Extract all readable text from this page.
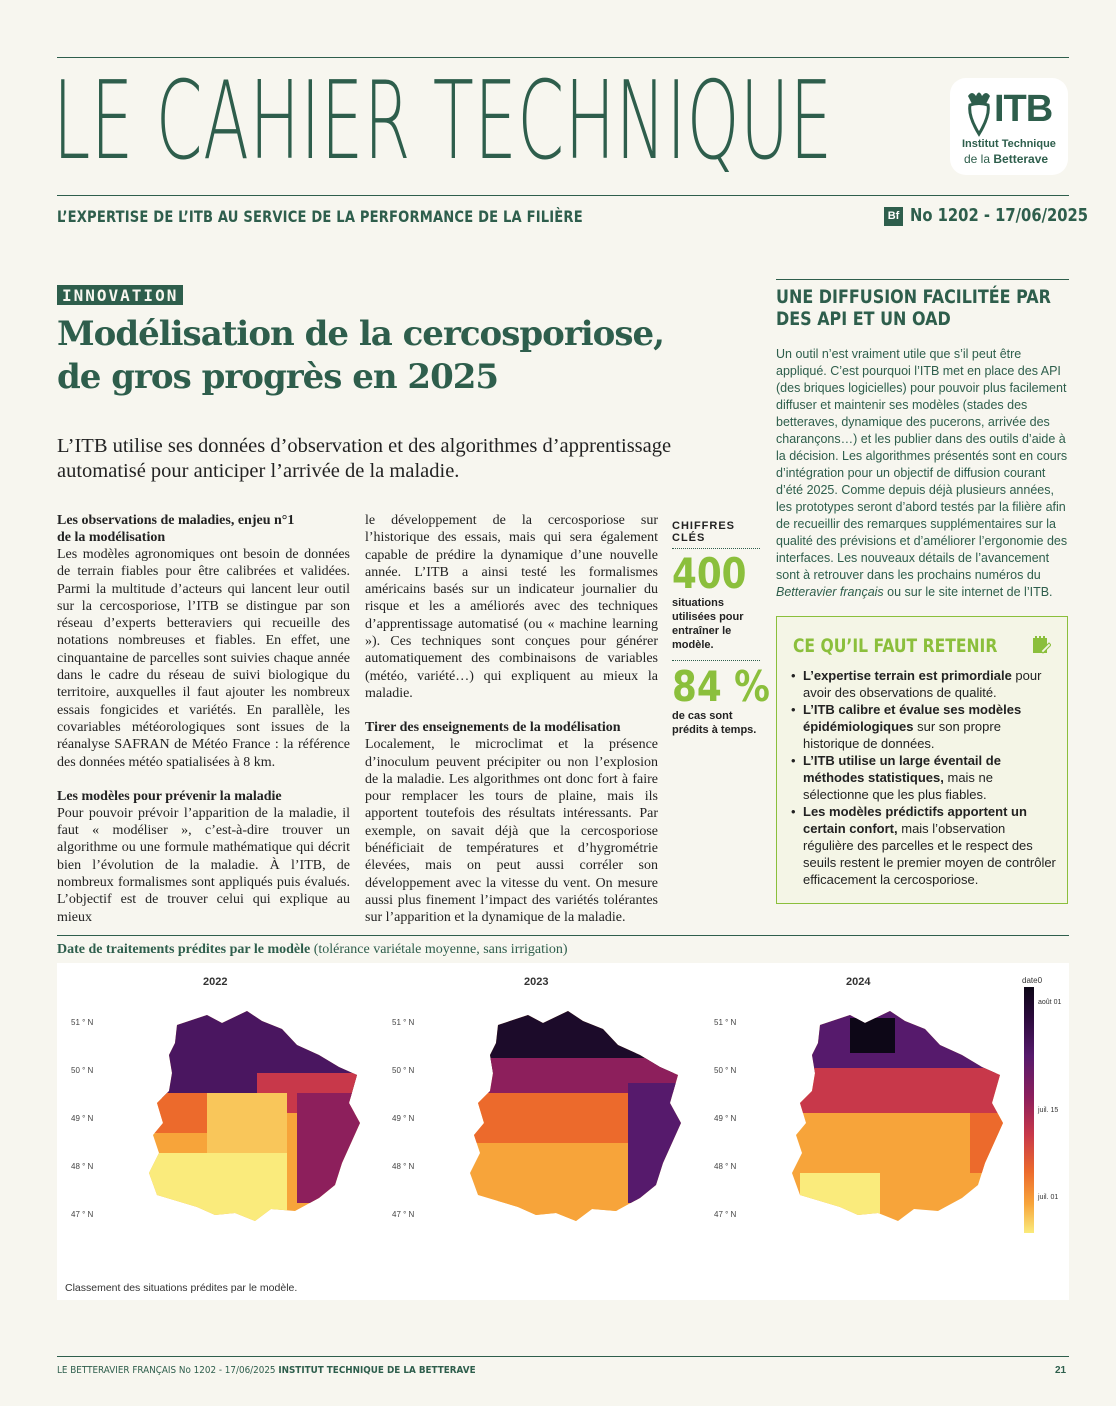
LE CAHIER TECHNIQUE	ITB
Institut Technique
de la Betterave
L’EXPERTISE DE L’ITB AU SERVICE DE LA PERFORMANCE DE LA FILIÈRE	Bf No 1202 - 17/06/2025
INNOVATION
Modélisation de la cercosporiose,
de gros progrès en 2025
L’ITB utilise ses données d’observation et des algorithmes d’apprentissage automatisé pour anticiper l’arrivée de la maladie.
Les observations de maladies, enjeu n°1
de la modélisation

Les modèles agronomiques ont besoin de données de terrain fiables pour être calibrées et validées. Parmi la multitude d’acteurs qui lancent leur outil sur la cercosporiose, l’ITB se distingue par son réseau d’experts betteraviers qui recueille des notations nombreuses et fiables. En effet, une cinquantaine de parcelles sont suivies chaque année dans le cadre du réseau de suivi biologique du territoire, auxquelles il faut ajouter les nombreux essais fongicides et variétés. En parallèle, les covariables météorologiques sont issues de la réanalyse SAFRAN de Météo France : la référence des données météo spatialisées à 8 km.

Les modèles pour prévenir la maladie

Pour pouvoir prévoir l’apparition de la maladie, il faut « modéliser », c’est-à-dire trouver un algorithme ou une formule mathématique qui décrit bien l’évolution de la maladie. À l’ITB, de nombreux formalismes sont appliqués puis évalués. L’objectif est de trouver celui qui explique au mieux

le développement de la cercosporiose sur l’historique des essais, mais qui sera également capable de prédire la dynamique d’une nouvelle année. L’ITB a ainsi testé les formalismes américains basés sur un indicateur journalier du risque et les a améliorés avec des techniques d’apprentissage automatisé (ou « machine learning »). Ces techniques sont conçues pour générer automatiquement des combinaisons de variables (météo, variété…) qui expliquent au mieux la maladie.

Tirer des enseignements de la modélisation

Localement, le microclimat et la présence d’inoculum peuvent précipiter ou non l’explosion de la maladie. Les algorithmes ont donc fort à faire pour remplacer les tours de plaine, mais ils apportent toutefois des résultats intéressants. Par exemple, on savait déjà que la cercosporiose bénéficiait de températures et d’hygrométrie élevées, mais on peut aussi corréler son développement avec la vitesse du vent. On mesure aussi plus finement l’impact des variétés tolérantes sur l’apparition et la dynamique de la maladie.

CHIFFRES CLÉS
400
situations utilisées pour entraîner le modèle.
84 %
de cas sont prédits à temps.
UNE DIFFUSION FACILITÉE PAR
DES API ET UN OAD
Un outil n’est vraiment utile que s’il peut être appliqué. C’est pourquoi l’ITB met en place des API (des briques logicielles) pour pouvoir plus facilement diffuser et maintenir ses modèles (stades des betteraves, dynamique des pucerons, arrivée des charançons…) et les publier dans des outils d’aide à la décision. Les algorithmes présentés sont en cours d’intégration pour un objectif de diffusion courant d’été 2025. Comme depuis déjà plusieurs années, les prototypes seront d’abord testés par la filière afin de recueillir des remarques supplémentaires sur la qualité des prévisions et d’améliorer l’ergonomie des interfaces. Les nouveaux détails de l’avancement sont à retrouver dans les prochains numéros du Betteravier français ou sur le site internet de l’ITB.
CE QU’IL FAUT RETENIR
• L’expertise terrain est primordiale pour avoir des observations de qualité.
• L’ITB calibre et évalue ses modèles épidémiologiques sur son propre historique de données.
• L’ITB utilise un large éventail de méthodes statistiques, mais ne sélectionne que les plus fiables.
• Les modèles prédictifs apportent un certain confort, mais l’observation régulière des parcelles et le respect des seuils restent le premier moyen de contrôler efficacement la cercosporiose.
Date de traitements prédites par le modèle (tolérance variétale moyenne, sans irrigation)
2022	2023	2024
51 ° N
50 ° N
49 ° N
48 ° N
47 ° N
51 ° N
50 ° N
49 ° N
48 ° N
47 ° N
51 ° N
50 ° N
49 ° N
48 ° N
47 ° N
date0
août 01
juil. 15
juil. 01
Classement des situations prédites par le modèle.
LE BETTERAVIER FRANÇAIS No 1202 - 17/06/2025 INSTITUT TECHNIQUE DE LA BETTERAVE	21
